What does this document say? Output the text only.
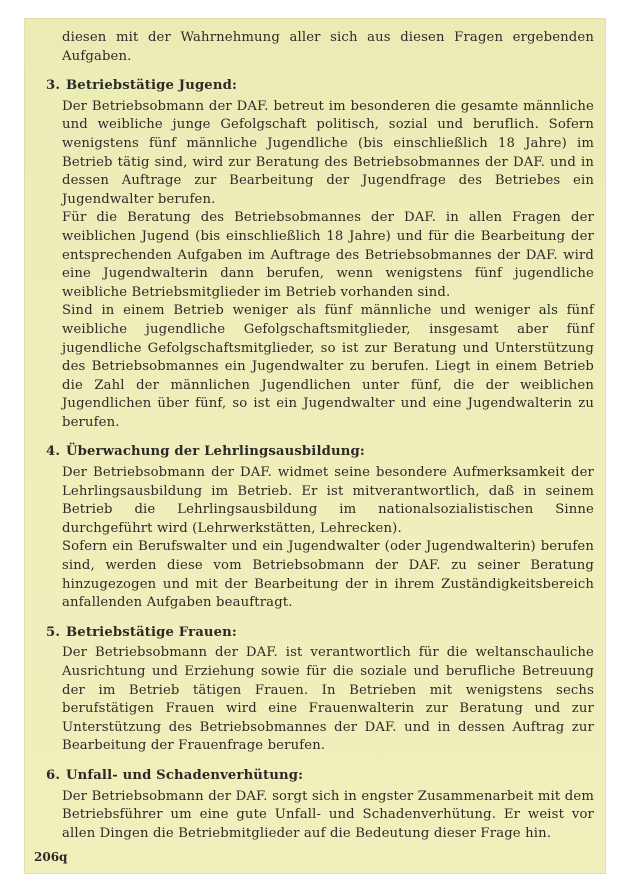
diesen mit der Wahrnehmung aller sich aus diesen Fragen ergebenden Aufgaben.

3. Betriebstätige Jugend:

Der Betriebsobmann der DAF. betreut im besonderen die gesamte männliche und weibliche junge Gefolgschaft politisch, sozial und beruflich. Sofern wenigstens fünf männliche Jugendliche (bis einschließlich 18 Jahre) im Betrieb tätig sind, wird zur Beratung des Betriebsobmannes der DAF. und in dessen Auftrage zur Bearbeitung der Jugendfrage des Betriebes ein Jugendwalter berufen.

Für die Beratung des Betriebsobmannes der DAF. in allen Fragen der weiblichen Jugend (bis einschließlich 18 Jahre) und für die Bearbeitung der entsprechenden Aufgaben im Auftrage des Betriebsobmannes der DAF. wird eine Jugendwalterin dann berufen, wenn wenigstens fünf jugendliche weibliche Betriebsmitglieder im Betrieb vorhanden sind.

Sind in einem Betrieb weniger als fünf männliche und weniger als fünf weibliche jugendliche Gefolgschaftsmitglieder, insgesamt aber fünf jugendliche Gefolgschaftsmitglieder, so ist zur Beratung und Unterstützung des Betriebsobmannes ein Jugendwalter zu berufen. Liegt in einem Betrieb die Zahl der männlichen Jugendlichen unter fünf, die der weiblichen Jugendlichen über fünf, so ist ein Jugendwalter und eine Jugendwalterin zu berufen.

4. Überwachung der Lehrlingsausbildung:

Der Betriebsobmann der DAF. widmet seine besondere Aufmerksamkeit der Lehrlingsausbildung im Betrieb. Er ist mitverantwortlich, daß in seinem Betrieb die Lehrlingsausbildung im nationalsozialistischen Sinne durchgeführt wird (Lehrwerkstätten, Lehrecken).

Sofern ein Berufswalter und ein Jugendwalter (oder Jugendwalterin) berufen sind, werden diese vom Betriebsobmann der DAF. zu seiner Beratung hinzugezogen und mit der Bearbeitung der in ihrem Zuständigkeitsbereich anfallenden Aufgaben beauftragt.

5. Betriebstätige Frauen:

Der Betriebsobmann der DAF. ist verantwortlich für die weltanschauliche Ausrichtung und Erziehung sowie für die soziale und berufliche Betreuung der im Betrieb tätigen Frauen. In Betrieben mit wenigstens sechs berufstätigen Frauen wird eine Frauenwalterin zur Beratung und zur Unterstützung des Betriebsobmannes der DAF. und in dessen Auftrag zur Bearbeitung der Frauenfrage berufen.

6. Unfall- und Schadenverhütung:

Der Betriebsobmann der DAF. sorgt sich in engster Zusammenarbeit mit dem Betriebsführer um eine gute Unfall- und Schadenverhütung. Er weist vor allen Dingen die Betriebmitglieder auf die Bedeutung dieser Frage hin.

206q
